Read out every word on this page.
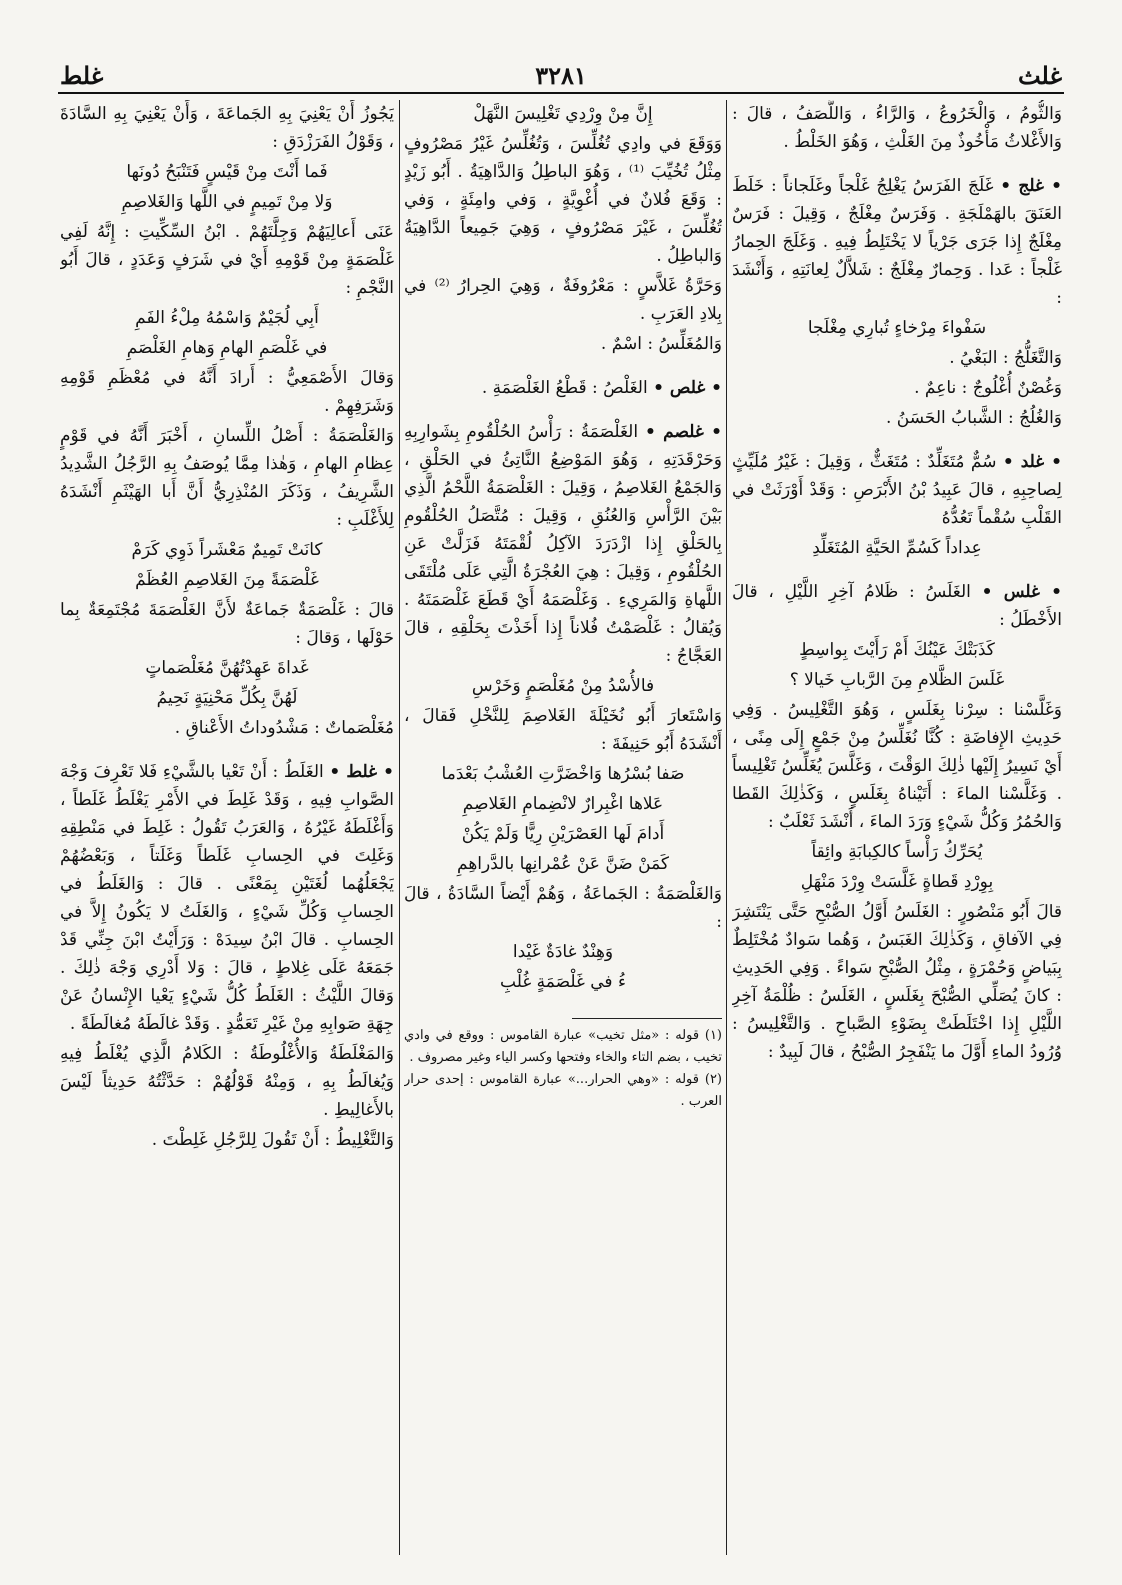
غلث
٣٢٨١
غلط

وَالثُّومُ ، وَالْخَرُوعُ ، وَالرَّاءُ ، وَاللَّصَفُ ، قالَ : وَالأَغْلاثُ مَأْخُوذٌ مِنَ الغَلْثِ ، وَهُوَ الخَلْطُ .

• غلج • غَلَجَ الفَرَسُ يَغْلِجُ غَلْجاً وغَلَجاناً : خَلَطَ العَنَقَ بالهَمْلَجَةِ . وَفَرَسٌ مِغْلَجٌ ، وَقِيلَ : فَرَسٌ مِغْلَجٌ إِذا جَرَى جَرْياً لا يَخْتَلِطُ فِيهِ . وَغَلَجَ الحِمارُ غَلْجاً : عَدا . وَحِمارٌ مِغْلَجٌ : شَلاَّلٌ لِعانَتِهِ ، وَأَنْشَدَ :

سَفْواءَ مِرْخاءٍ تُبارِي مِغْلَجا

وَالتَّغَلُّجُ : البَغْيُ .

وَغُصْنٌ أُغْلُوجٌ : ناعِمٌ .

وَالغُلُجُ : الشَّبابُ الحَسَنُ .

• غلد • سُمٌّ مُتَغَلِّدٌ : مُتَغَثٌّ ، وَقِيلَ : غَيْرُ مُلَيِّثٍ لِصاحِبِهِ ، قالَ عَبِيدُ بْنُ الأَبْرَصِ : وَقَدْ أَوْرَثَتْ في القَلْبِ سُقْماً تَعُدُّهُ

عِداداً كَسُمِّ الحَيَّةِ المُتَغَلِّدِ

• غلس • الغَلَسُ : ظَلامُ آخِرِ اللَّيْلِ ، قالَ الأَخْطَلُ :

كَذَبَتْكَ عَيْنُكَ أَمْ رَأَيْتَ بِواسِطٍ
غَلَسَ الظَّلامِ مِنَ الرَّبابِ خَيالا ؟

وَغَلَّسْنا : سِرْنا بِغَلَسٍ ، وَهُوَ التَّغْلِيسُ . وَفِي حَدِيثِ الإِفاضَةِ : كُنَّا نُغَلِّسُ مِنْ جَمْعٍ إِلَى مِنًى ، أَيْ نَسِيرُ إِلَيْها ذٰلِكَ الوَقْتَ ، وَغَلَّسَ يُغَلِّسُ تَغْلِيساً . وَغَلَّسْنا الماءَ : أَتَيْناهُ بِغَلَسٍ ، وَكَذٰلِكَ القَطا وَالحُمُرُ وَكُلُّ شَيْءٍ وَرَدَ الماءَ ، أَنْشَدَ ثَعْلَبٌ :

يُحَرِّكُ رَأْساً كالكِبابَةِ وائِقاً
بِوِرْدِ قَطاةٍ غَلَّسَتْ وِرْدَ مَنْهَلِ

قالَ أَبُو مَنْصُورٍ : الغَلَسُ أَوَّلُ الصُّبْحِ حَتَّى يَنْتَشِرَ فِي الآفاقِ ، وَكَذٰلِكَ الغَبَسُ ، وَهُما سَوادٌ مُخْتَلِطٌ بِبَياضٍ وَحُمْرَةٍ ، مِثْلُ الصُّبْحِ سَواءً . وَفِي الحَدِيثِ : كانَ يُصَلِّي الصُّبْحَ بِغَلَسٍ ، الغَلَسُ : ظُلْمَةُ آخِرِ اللَّيْلِ إِذا اخْتَلَطَتْ بِضَوْءِ الصَّباحِ . وَالتَّغْلِيسُ : وُرُودُ الماءِ أَوَّلَ ما يَنْفَجِرُ الصُّبْحُ ، قالَ لَبِيدٌ :

إِنَّ مِنْ وِرْدِي تَغْلِيسَ النَّهَلْ

وَوَقَعَ في وادِي تُغُلِّسَ ، وَتُغُلِّسُ غَيْرُ مَصْرُوفٍ مِثْلُ تُخُيِّبَ ⁽¹⁾ ، وَهُوَ الباطِلُ وَالدَّاهِيَةُ . أَبُو زَيْدٍ : وَقَعَ فُلانٌ في أُغْوِيَّةٍ ، وَفي وامِئَةٍ ، وَفي تُغُلِّسَ ، غَيْرَ مَصْرُوفٍ ، وَهِيَ جَمِيعاً الدَّاهِيَةُ وَالباطِلُ .

وَحَرَّةُ غَلاَّسٍ : مَعْرُوفَةٌ ، وَهِيَ الحِرارُ ⁽²⁾ في بِلادِ العَرَبِ .

وَالمُغَلِّسُ : اسْمٌ .

• غلص • الغَلْصُ : قَطْعُ الغَلْصَمَةِ .

• غلصم • الغَلْصَمَةُ : رَأْسُ الحُلْقُومِ بِشَوارِبِهِ وَحَرْقَدَتِهِ ، وَهُوَ المَوْضِعُ النَّاتِئُ في الحَلْقِ ، وَالجَمْعُ الغَلاصِمُ ، وَقِيلَ : الغَلْصَمَةُ اللَّحْمُ الَّذِي بَيْنَ الرَّأْسِ وَالعُنُقِ ، وَقِيلَ : مُتَّصَلُ الحُلْقُومِ بِالحَلْقِ إِذا ازْدَرَدَ الآكِلُ لُقْمَتَهُ فَزَلَّتْ عَنِ الحُلْقُومِ ، وَقِيلَ : هِيَ العُجْرَةُ الَّتِي عَلَى مُلْتَقَى اللَّهاةِ وَالمَرِيءِ . وَغَلْصَمَهُ أَيْ قَطَعَ غَلْصَمَتَهُ . وَيُقالُ : غَلْصَمْتُ فُلاناً إِذا أَخَذْتَ بِحَلْقِهِ ، قالَ العَجَّاجُ :

فالأُسْدُ مِنْ مُغَلْصَمٍ وَخَرْسِ

وَاسْتَعارَ أَبُو نُخَيْلَةَ الغَلاصِمَ لِلنَّخْلِ فَقالَ ، أَنْشَدَهُ أَبُو حَنِيفَةَ :

صَفا بُسْرُها وَاخْضَرَّتِ العُشْبُ بَعْدَما
عَلاها اغْبِرارٌ لانْضِمامِ الغَلاصِمِ
أَدامَ لَها العَصْرَيْنِ رِيًّا وَلَمْ يَكُنْ
كَمَنْ ضَنَّ عَنْ عُمْرانِها بالدَّراهِمِ

وَالغَلْصَمَةُ : الجَماعَةُ ، وَهُمْ أَيْضاً السَّادَةُ ، قالَ :

وَهِنْدٌ غادَةٌ غَيْدا
ءُ في غَلْصَمَةٍ غُلْبِ

(١) قوله : «مثل تخيب» عبارة القاموس : ووقع في وادي تخيب ، بضم التاء والخاء وفتحها وكسر الياء وغير مصروف .

(٢) قوله : «وهي الحرار...» عبارة القاموس : إحدى حرار العرب .

يَجُوزُ أَنْ يَعْنِيَ بِهِ الجَماعَةَ ، وَأَنْ يَعْنِيَ بِهِ السَّادَةَ ، وَقَوْلُ الفَرَزْدَقِ :

فَما أَنْتَ مِنْ قَيْسٍ فَتَنْبَحُ دُونَها
وَلا مِنْ تَمِيمٍ في اللَّها وَالغَلاصِمِ

عَنَى أَعالِيَهُمْ وَجِلَّتَهُمْ . ابْنُ السِّكِّيتِ : إِنَّهُ لَفِي غَلْصَمَةٍ مِنْ قَوْمِهِ أَيْ في شَرَفٍ وَعَدَدٍ ، قالَ أَبُو النَّجْمِ :

أَبِي لُجَيْمٌ وَاسْمُهُ مِلْءُ الفَمِ
في غَلْصَمِ الهامِ وَهامِ الغَلْصَمِ

وَقالَ الأَصْمَعِيُّ : أَرادَ أَنَّهُ في مُعْظَمِ قَوْمِهِ وَشَرَفِهِمْ .

وَالغَلْصَمَةُ : أَصْلُ اللِّسانِ ، أَخْبَرَ أَنَّهُ في قَوْمٍ عِظامِ الهامِ ، وَهٰذا مِمَّا يُوصَفُ بِهِ الرَّجُلُ الشَّدِيدُ الشَّرِيفُ ، وَذَكَرَ المُنْذِرِيُّ أَنَّ أَبا الهَيْثَمِ أَنْشَدَهُ لِلأَغْلَبِ :

كانَتْ تَمِيمٌ مَعْشَراً ذَوِي كَرَمْ
غَلْصَمَةً مِنَ الغَلاصِمِ العُظَمْ

قالَ : غَلْصَمَةٌ جَماعَةٌ لأَنَّ الغَلْصَمَةَ مُجْتَمِعَةٌ بِما حَوْلَها ، وَقالَ :

غَداةَ عَهِدْتُهُنَّ مُغَلْصَماتٍ
لَهُنَّ بِكُلِّ مَحْنِيَةٍ نَحِيمُ

مُغَلْصَماتٌ : مَشْدُوداتُ الأَعْناقِ .

• غلط • الغَلَطُ : أَنْ تَعْيا بالشَّيْءِ فَلا تَعْرِفَ وَجْهَ الصَّوابِ فِيهِ ، وَقَدْ غَلِطَ في الأَمْرِ يَغْلَطُ غَلَطاً ، وَأَغْلَطَهُ غَيْرُهُ ، وَالعَرَبُ تَقُولُ : غَلِطَ في مَنْطِقِهِ وَغَلِتَ في الحِسابِ غَلَطاً وَغَلَتاً ، وَبَعْضُهُمْ يَجْعَلُهُما لُغَتَيْنِ بِمَعْنًى . قالَ : وَالغَلَطُ في الحِسابِ وَكُلِّ شَيْءٍ ، وَالغَلَتُ لا يَكُونُ إِلاَّ في الحِسابِ . قالَ ابْنُ سِيدَهْ : وَرَأَيْتُ ابْنَ جِنِّي قَدْ جَمَعَهُ عَلَى غِلاطٍ ، قالَ : وَلا أَدْرِي وَجْهَ ذٰلِكَ . وَقالَ اللَّيْثُ : الغَلَطُ كُلُّ شَيْءٍ يَعْيا الإِنْسانُ عَنْ جِهَةِ صَوابِهِ مِنْ غَيْرِ تَعَمُّدٍ . وَقَدْ غالَطَهُ مُغالَطَةً .

وَالمَغْلَطَةُ وَالأُغْلُوطَةُ : الكَلامُ الَّذِي يُغْلَطُ فِيهِ وَيُغالَطُ بِهِ ، وَمِنْهُ قَوْلُهُمْ : حَدَّثْتُهُ حَدِيثاً لَيْسَ بالأَغالِيطِ .

وَالتَّغْلِيطُ : أَنْ تَقُولَ لِلرَّجُلِ غَلِطْتَ .
